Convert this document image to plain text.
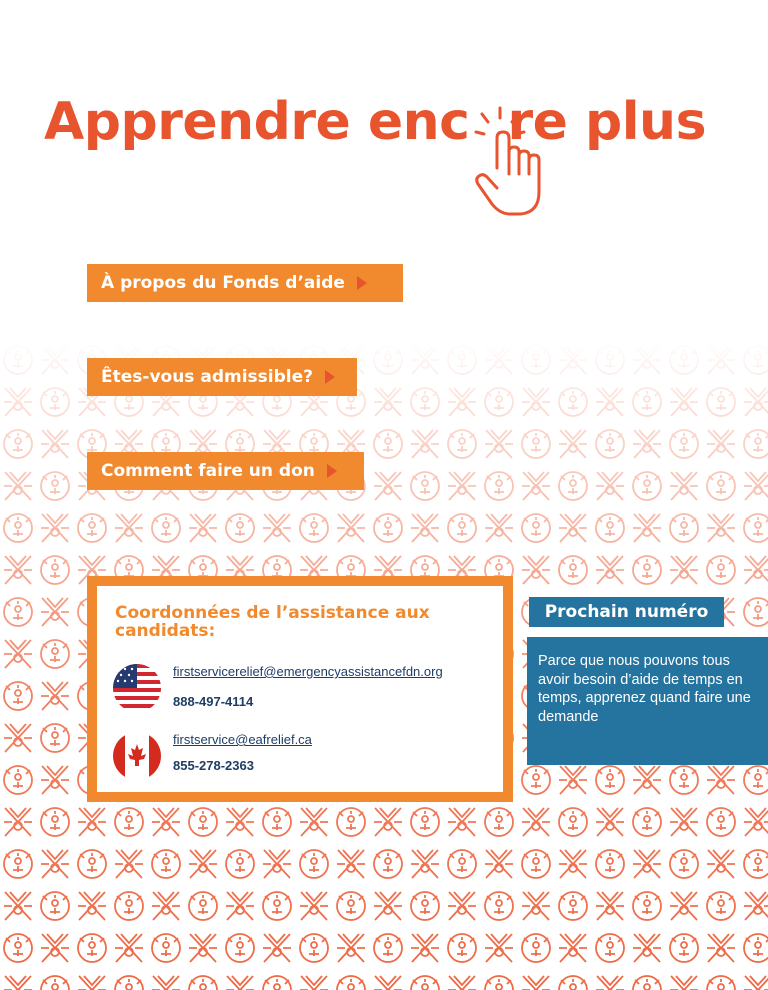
Apprendre enc re plus
À propos du Fonds d’aide
Êtes-vous admissible?
Comment faire un don
Coordonnées de l’assistance aux candidats:
firstservicerelief@emergencyassistancefdn.org
888-497-4114
firstservice@eafrelief.ca
855-278-2363
Prochain numéro
Parce que nous pouvons tous avoir besoin d’aide de temps en temps, apprenez quand faire une demande
